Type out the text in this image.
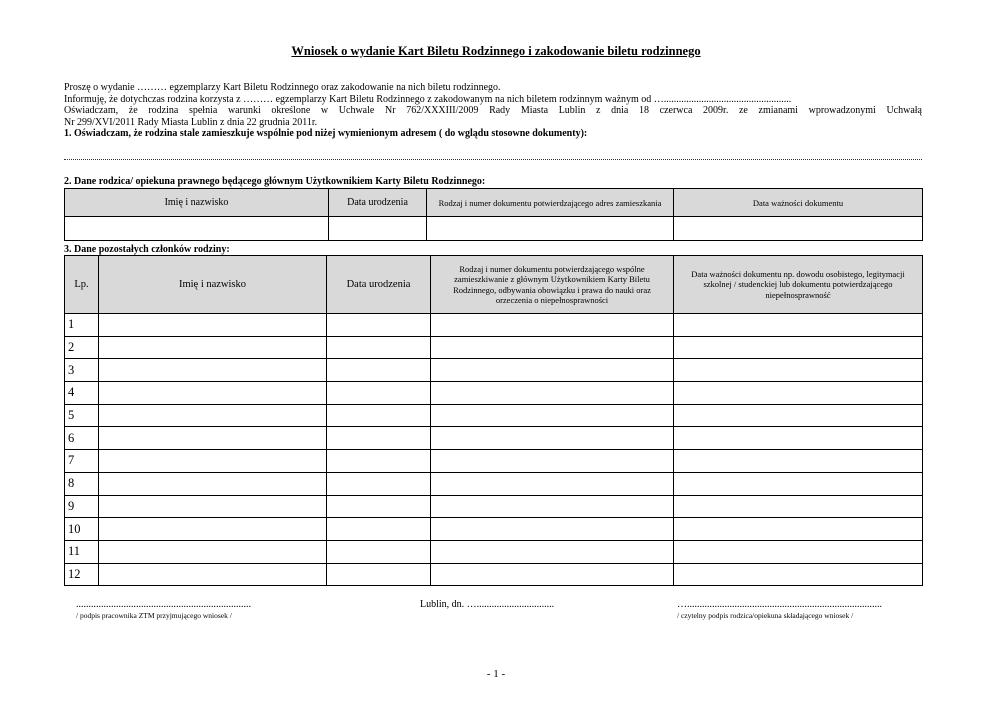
Wniosek o wydanie Kart Biletu Rodzinnego i zakodowanie biletu rodzinnego

Proszę o wydanie ……… egzemplarzy Kart Biletu Rodzinnego oraz zakodowanie na nich biletu rodzinnego.

Informuję, że dotychczas rodzina korzysta z ……… egzemplarzy Kart Biletu Rodzinnego z zakodowanym na nich biletem rodzinnym ważnym od …...................................................

Oświadczam, że rodzina spełnia warunki określone w Uchwale Nr 762/XXXIII/2009 Rady Miasta Lublin z dnia 18 czerwca 2009r. ze zmianami wprowadzonymi Uchwałą

Nr 299/XVI/2011 Rady Miasta Lublin z dnia 22 grudnia 2011r.

1. Oświadczam, że rodzina stale zamieszkuje wspólnie pod niżej wymienionym adresem ( do wglądu stosowne dokumenty):

2. Dane rodzica/ opiekuna prawnego będącego głównym Użytkownikiem Karty Biletu Rodzinnego:
Imię i nazwisko	Data urodzenia	Rodzaj i numer dokumentu potwierdzającego adres zamieszkania	Data ważności dokumentu

3. Dane pozostałych członków rodziny:
Lp.	Imię i nazwisko	Data urodzenia	Rodzaj i numer dokumentu potwierdzającego wspólne zamieszkiwanie z głównym Użytkownikiem Karty Biletu Rodzinnego, odbywania obowiązku i prawa do nauki oraz orzeczenia o niepełnosprawności	Data ważności dokumentu np. dowodu osobistego, legitymacji szkolnej / studenckiej lub dokumentu potwierdzającego niepełnosprawność
1				
2				
3				
4				
5				
6				
7				
8				
9				
10				
11				
12				
......................................................................
/ podpis pracownika ZTM przyjmującego wniosek /
Lublin, dn. …...............................	…..............................................................................
/ czytelny podpis rodzica/opiekuna składającego wniosek /
- 1 -
